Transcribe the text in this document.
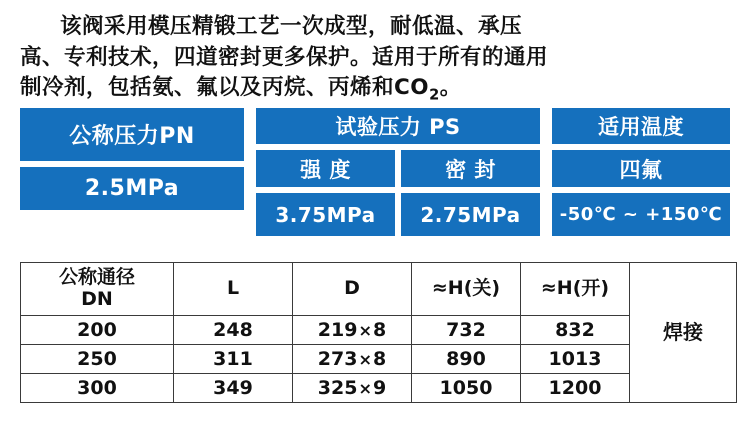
该阀采用模压精锻工艺一次成型，耐低温、承压
高、专利技术，四道密封更多保护。适用于所有的通用
制冷剂，包括氨、氟以及丙烷、丙烯和$CO_2$。
公称压力PN
2.5MPa
试验压力 PS
强 度	密 封
3.75MPa	2.75MPa
适用温度
四氟
-50℃ ~ +150℃
公称通径
DN	L	D	≈H(关)	≈H(开)	焊接
200	248	219×8	732	832	
250	311	273×8	890	1013	
300	349	325×9	1050	1200	
